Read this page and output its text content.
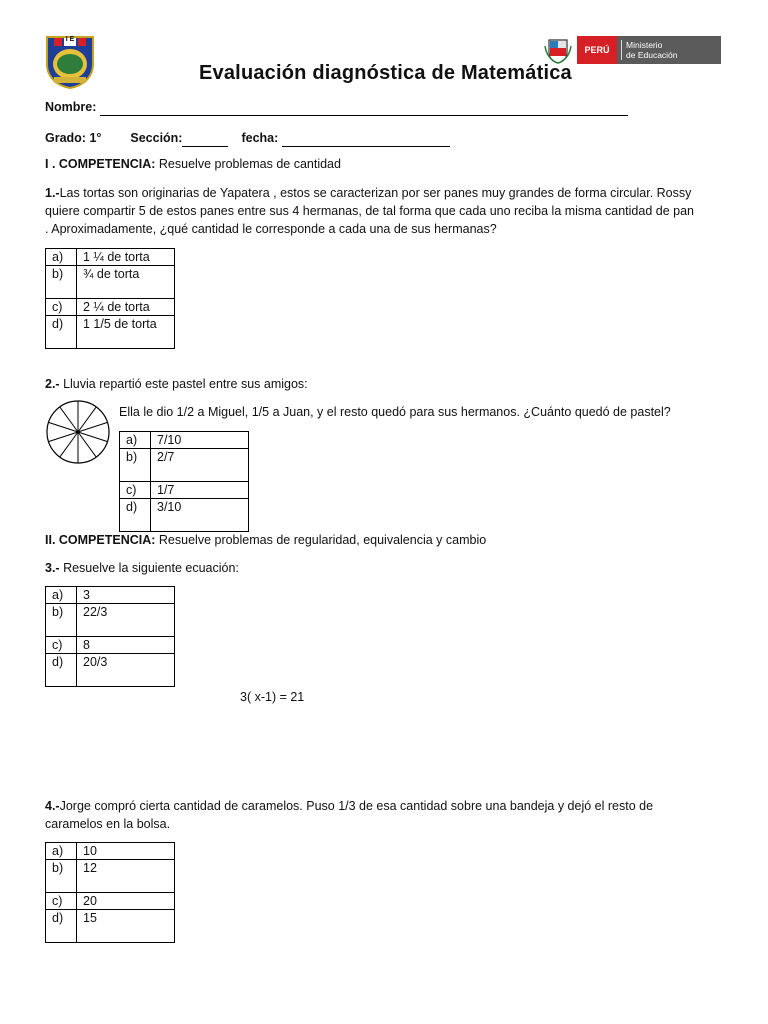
I E
PERÚ	Ministerio
de Educación
Evaluación diagnóstica de Matemática
Nombre:
Grado: 1° Sección:	fecha:
I . COMPETENCIA: Resuelve problemas de cantidad
1.-Las tortas son originarias de Yapatera , estos se caracterizan por ser panes muy grandes de forma circular. Rossy
quiere compartir 5 de estos panes entre sus 4 hermanas, de tal forma que cada uno reciba la misma cantidad de pan
. Aproximadamente, ¿qué cantidad le corresponde a cada una de sus hermanas?
a)	1 ¼ de torta
b)	¾ de torta
c)	2 ¼ de torta
d)	1 1/5 de torta
2.- Lluvia repartió este pastel entre sus amigos:
Ella le dio 1/2 a Miguel, 1/5 a Juan, y el resto quedó para sus hermanos. ¿Cuánto quedó de pastel?
a)	7/10
b)	2/7
c)	1/7
d)	3/10
II. COMPETENCIA: Resuelve problemas de regularidad, equivalencia y cambio
3.- Resuelve la siguiente ecuación:
a)	3
b)	22/3
c)	8
d)	20/3
3( x-1) = 21
4.-Jorge compró cierta cantidad de caramelos. Puso 1/3 de esa cantidad sobre una bandeja y dejó el resto de
caramelos en la bolsa.
a)	10
b)	12
c)	20
d)	15
